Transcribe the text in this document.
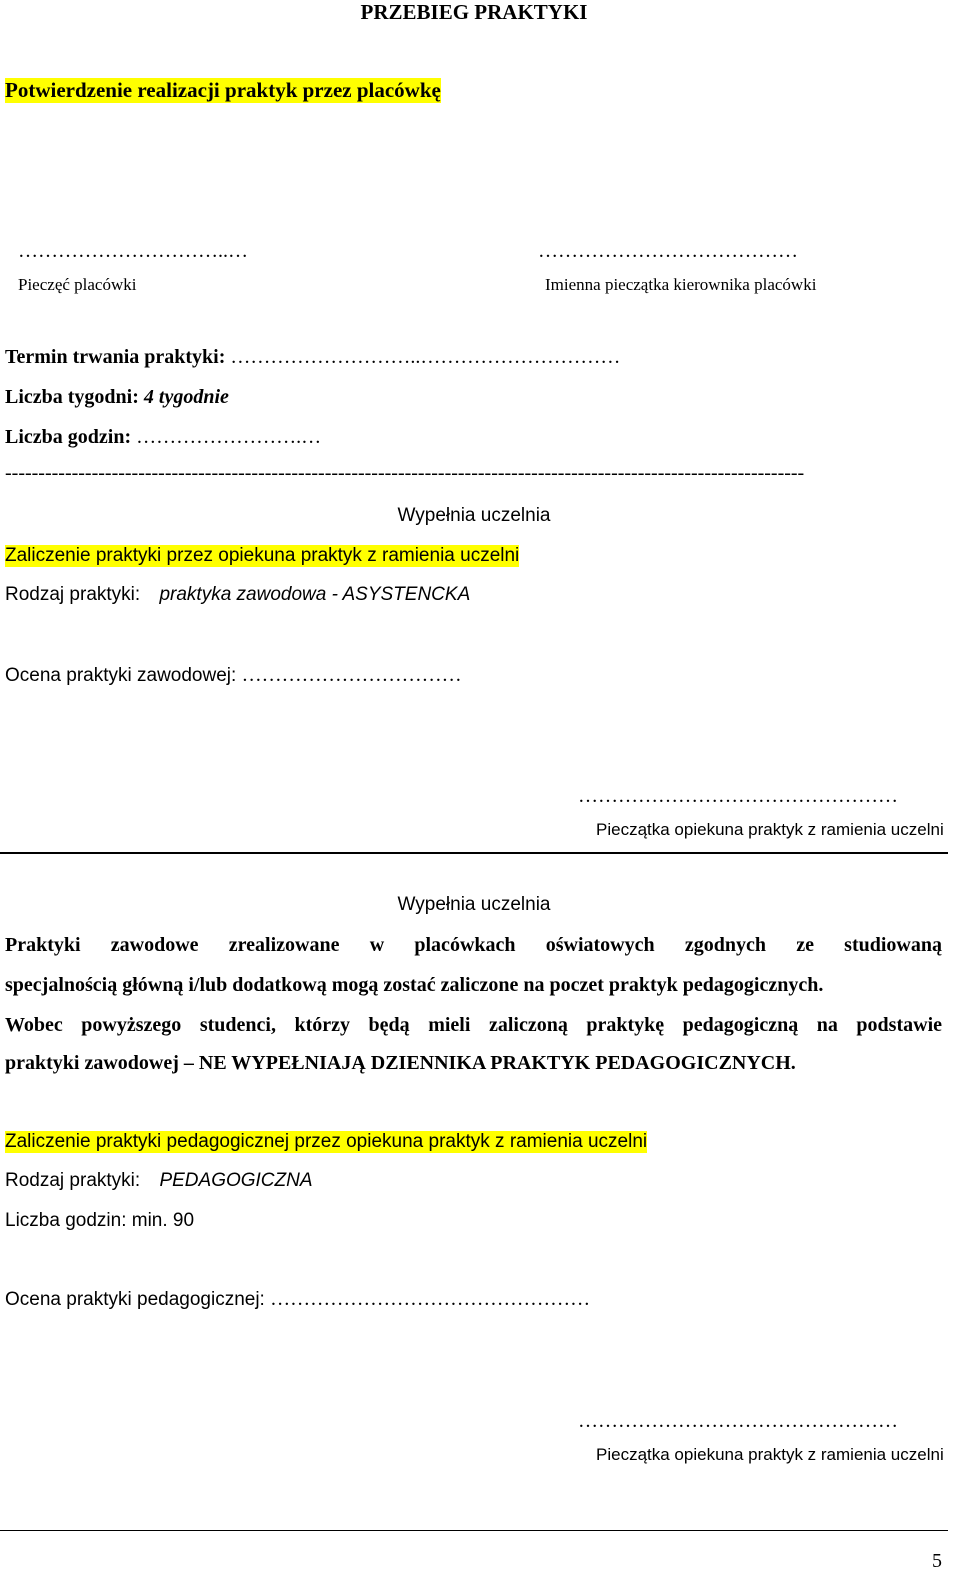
PRZEBIEG PRAKTYKI
Potwierdzenie realizacji praktyk przez placówkę
…………………………..…
Pieczęć placówki
…………………………………
Imienna pieczątka kierownika placówki
Termin trwania praktyki: ………………………..…………………………
Liczba tygodni: 4 tygodnie
Liczba godzin: …………………….…
------------------------------------------------------------------------------------------------------------------------
Wypełnia uczelnia
Zaliczenie praktyki przez opiekuna praktyk z ramienia uczelni
Rodzaj praktyki: praktyka zawodowa - ASYSTENCKA
Ocena praktyki zawodowej: ……………………………
…………………………………………
Pieczątka opiekuna praktyk z ramienia uczelni
Wypełnia uczelnia
Praktyki zawodowe zrealizowane w placówkach oświatowych zgodnych ze studiowaną
specjalnością główną i/lub dodatkową mogą zostać zaliczone na poczet praktyk pedagogicznych.
Wobec powyższego studenci, którzy będą mieli zaliczoną praktykę pedagogiczną na podstawie
praktyki zawodowej – NE WYPEŁNIAJĄ DZIENNIKA PRAKTYK PEDAGOGICZNYCH.
Zaliczenie praktyki pedagogicznej przez opiekuna praktyk z ramienia uczelni
Rodzaj praktyki: PEDAGOGICZNA
Liczba godzin: min. 90
Ocena praktyki pedagogicznej: …………………………………………
…………………………………………
Pieczątka opiekuna praktyk z ramienia uczelni
5
